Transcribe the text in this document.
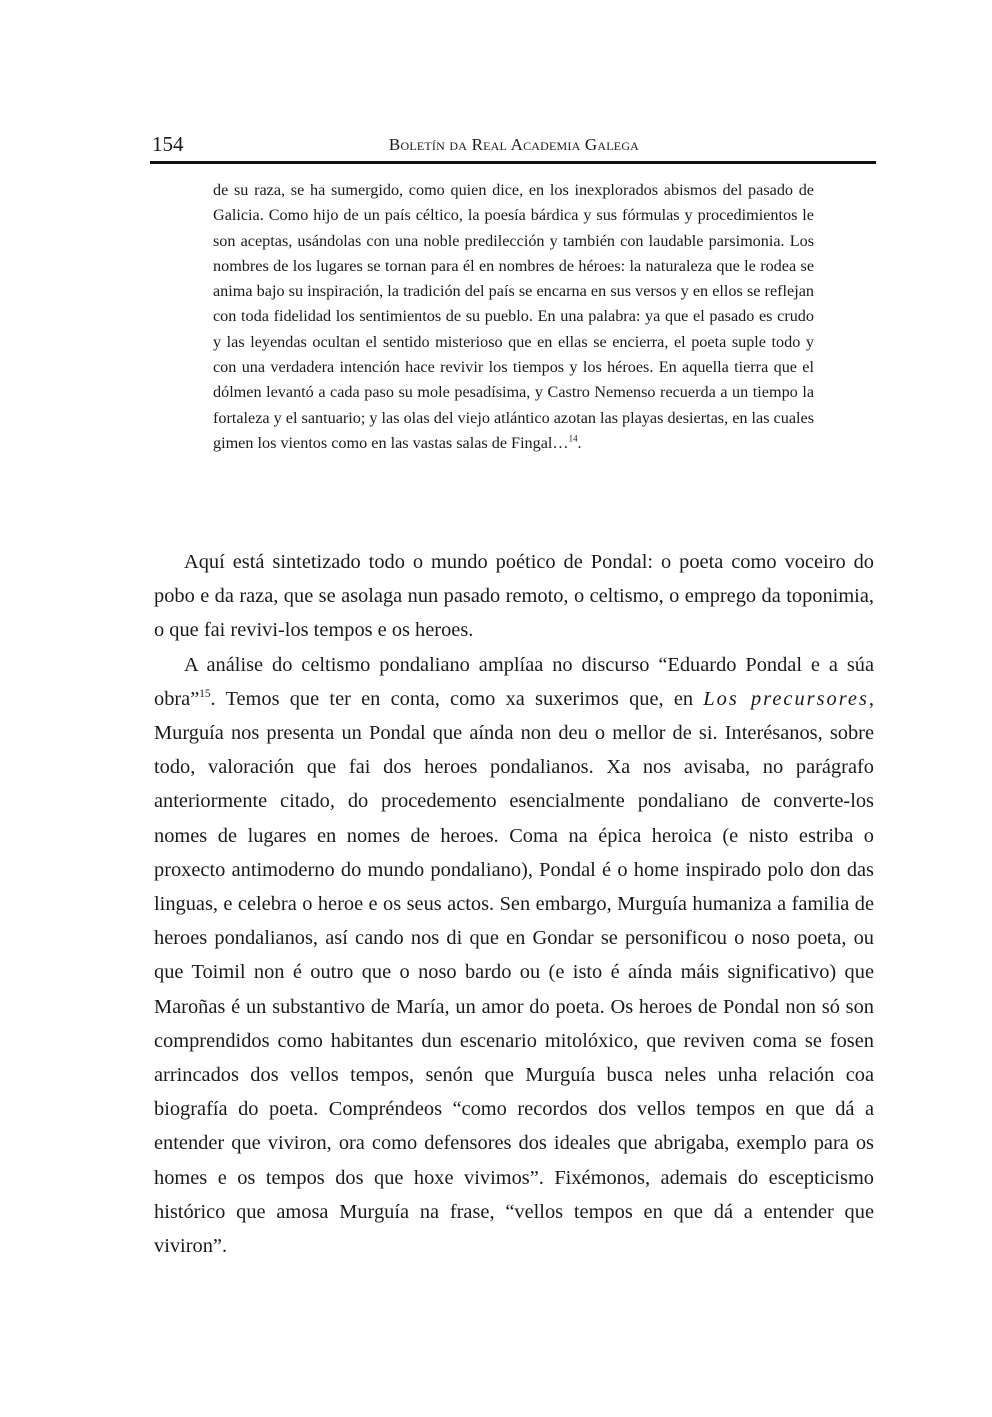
154	Boletín da Real Academia Galega

de su raza, se ha sumergido, como quien dice, en los inexplorados abismos del pasado de Galicia. Como hijo de un país céltico, la poesía bárdica y sus fórmulas y procedimientos le son aceptas, usándolas con una noble predilección y también con laudable parsimonia. Los nombres de los lugares se tornan para él en nombres de héroes: la naturaleza que le rodea se anima bajo su inspiración, la tradición del país se encarna en sus versos y en ellos se reflejan con toda fidelidad los sentimientos de su pueblo. En una palabra: ya que el pasado es crudo y las leyendas ocultan el sentido misterioso que en ellas se encierra, el poeta suple todo y con una verdadera intención hace revivir los tiempos y los héroes. En aquella tierra que el dólmen levantó a cada paso su mole pesadísima, y Castro Nemenso recuerda a un tiempo la fortaleza y el santuario; y las olas del viejo atlántico azotan las playas desiertas, en las cuales gimen los vientos como en las vastas salas de Fingal…$^{14}$.

Aquí está sintetizado todo o mundo poético de Pondal: o poeta como voceiro do pobo e da raza, que se asolaga nun pasado remoto, o celtismo, o emprego da toponimia, o que fai revivi-los tempos e os heroes.

A análise do celtismo pondaliano amplíaa no discurso “Eduardo Pondal e a súa obra”$^{15}$. Temos que ter en conta, como xa suxerimos que, en Los precursores, Murguía nos presenta un Pondal que aínda non deu o mellor de si. Interésanos, sobre todo, valoración que fai dos heroes pondalianos. Xa nos avisaba, no parágrafo anteriormente citado, do procedemento esencialmente pondaliano de converte-los nomes de lugares en nomes de heroes. Coma na épica heroica (e nisto estriba o proxecto antimoderno do mundo pondaliano), Pondal é o home inspirado polo don das linguas, e celebra o heroe e os seus actos. Sen embargo, Murguía humaniza a familia de heroes pondalianos, así cando nos di que en Gondar se personificou o noso poeta, ou que Toimil non é outro que o noso bardo ou (e isto é aínda máis significativo) que Maroñas é un substantivo de María, un amor do poeta. Os heroes de Pondal non só son comprendidos como habitantes dun escenario mitolóxico, que reviven coma se fosen arrincados dos vellos tempos, senón que Murguía busca neles unha relación coa biografía do poeta. Compréndeos “como recordos dos vellos tempos en que dá a entender que viviron, ora como defensores dos ideales que abrigaba, exemplo para os homes e os tempos dos que hoxe vivimos”. Fixémonos, ademais do escepticismo histórico que amosa Murguía na frase, “vellos tempos en que dá a entender que viviron”.
